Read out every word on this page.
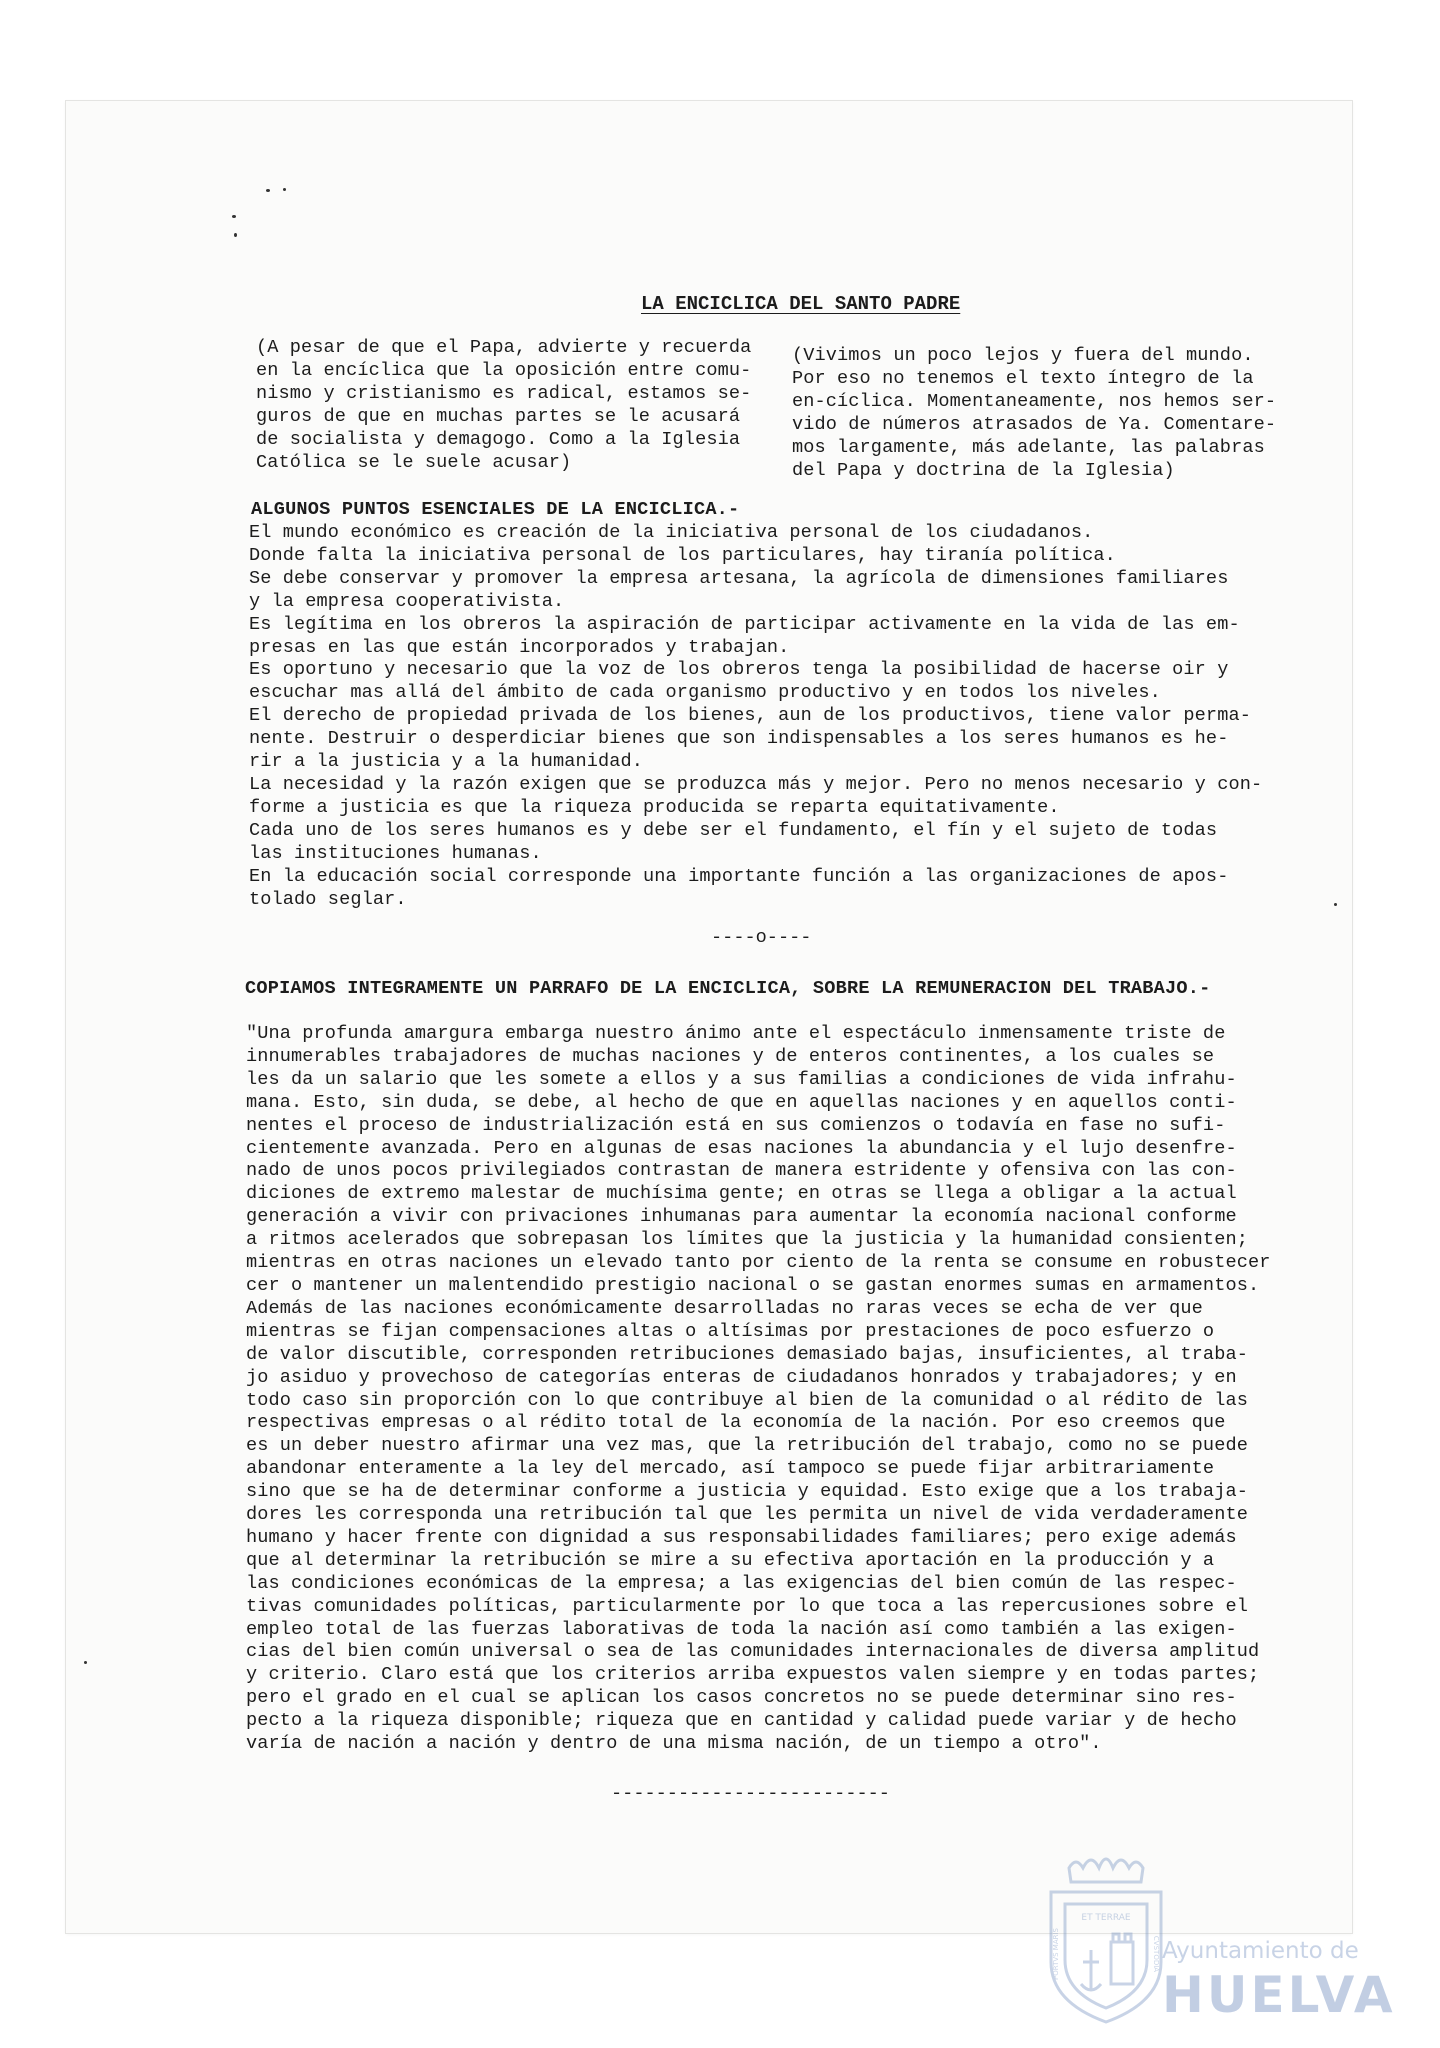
LA ENCICLICA DEL SANTO PADRE

(A pesar de que el Papa, advierte y recuerda
en la encíclica que la oposición entre comu-
nismo y cristianismo es radical, estamos se-
guros de que en muchas partes se le acusará
de socialista y demagogo. Como a la Iglesia
Católica se le suele acusar)

(Vivimos un poco lejos y fuera del mundo.
Por eso no tenemos el texto íntegro de la
en-cíclica. Momentaneamente, nos hemos ser-
vido de números atrasados de Ya. Comentare-
mos largamente, más adelante, las palabras
del Papa y doctrina de la Iglesia)

ALGUNOS PUNTOS ESENCIALES DE LA ENCICLICA.-

El mundo económico es creación de la iniciativa personal de los ciudadanos.
Donde falta la iniciativa personal de los particulares, hay tiranía política.
Se debe conservar y promover la empresa artesana, la agrícola de dimensiones familiares
y la empresa cooperativista.
Es legítima en los obreros la aspiración de participar activamente en la vida de las em-
presas en las que están incorporados y trabajan.
Es oportuno y necesario que la voz de los obreros tenga la posibilidad de hacerse oir y
escuchar mas allá del ámbito de cada organismo productivo y en todos los niveles.
El derecho de propiedad privada de los bienes, aun de los productivos, tiene valor perma-
nente. Destruir o desperdiciar bienes que son indispensables a los seres humanos es he-
rir a la justicia y a la humanidad.
La necesidad y la razón exigen que se produzca más y mejor. Pero no menos necesario y con-
forme a justicia es que la riqueza producida se reparta equitativamente.
Cada uno de los seres humanos es y debe ser el fundamento, el fín y el sujeto de todas
las instituciones humanas.
En la educación social corresponde una importante función a las organizaciones de apos-
tolado seglar.

----o----

COPIAMOS INTEGRAMENTE UN PARRAFO DE LA ENCICLICA, SOBRE LA REMUNERACION DEL TRABAJO.-

"Una profunda amargura embarga nuestro ánimo ante el espectáculo inmensamente triste de
innumerables trabajadores de muchas naciones y de enteros continentes, a los cuales se
les da un salario que les somete a ellos y a sus familias a condiciones de vida infrahu-
mana. Esto, sin duda, se debe, al hecho de que en aquellas naciones y en aquellos conti-
nentes el proceso de industrialización está en sus comienzos o todavía en fase no sufi-
cientemente avanzada. Pero en algunas de esas naciones la abundancia y el lujo desenfre-
nado de unos pocos privilegiados contrastan de manera estridente y ofensiva con las con-
diciones de extremo malestar de muchísima gente; en otras se llega a obligar a la actual
generación a vivir con privaciones inhumanas para aumentar la economía nacional conforme
a ritmos acelerados que sobrepasan los límites que la justicia y la humanidad consienten;
mientras en otras naciones un elevado tanto por ciento de la renta se consume en robustecer
cer o mantener un malentendido prestigio nacional o se gastan enormes sumas en armamentos.
Además de las naciones económicamente desarrolladas no raras veces se echa de ver que
mientras se fijan compensaciones altas o altísimas por prestaciones de poco esfuerzo o
de valor discutible, corresponden retribuciones demasiado bajas, insuficientes, al traba-
jo asiduo y provechoso de categorías enteras de ciudadanos honrados y trabajadores; y en
todo caso sin proporción con lo que contribuye al bien de la comunidad o al rédito de las
respectivas empresas o al rédito total de la economía de la nación. Por eso creemos que
es un deber nuestro afirmar una vez mas, que la retribución del trabajo, como no se puede
abandonar enteramente a la ley del mercado, así tampoco se puede fijar arbitrariamente
sino que se ha de determinar conforme a justicia y equidad. Esto exige que a los trabaja-
dores les corresponda una retribución tal que les permita un nivel de vida verdaderamente
humano y hacer frente con dignidad a sus responsabilidades familiares; pero exige además
que al determinar la retribución se mire a su efectiva aportación en la producción y a
las condiciones económicas de la empresa; a las exigencias del bien común de las respec-
tivas comunidades políticas, particularmente por lo que toca a las repercusiones sobre el
empleo total de las fuerzas laborativas de toda la nación así como también a las exigen-
cias del bien común universal o sea de las comunidades internacionales de diversa amplitud
y criterio. Claro está que los criterios arriba expuestos valen siempre y en todas partes;
pero el grado en el cual se aplican los casos concretos no se puede determinar sino res-
pecto a la riqueza disponible; riqueza que en cantidad y calidad puede variar y de hecho
varía de nación a nación y dentro de una misma nación, de un tiempo a otro".

-------------------------

ET TERRAE
PORTVS MARIS	CVSTODIA Ayuntamiento de
HUELVA
